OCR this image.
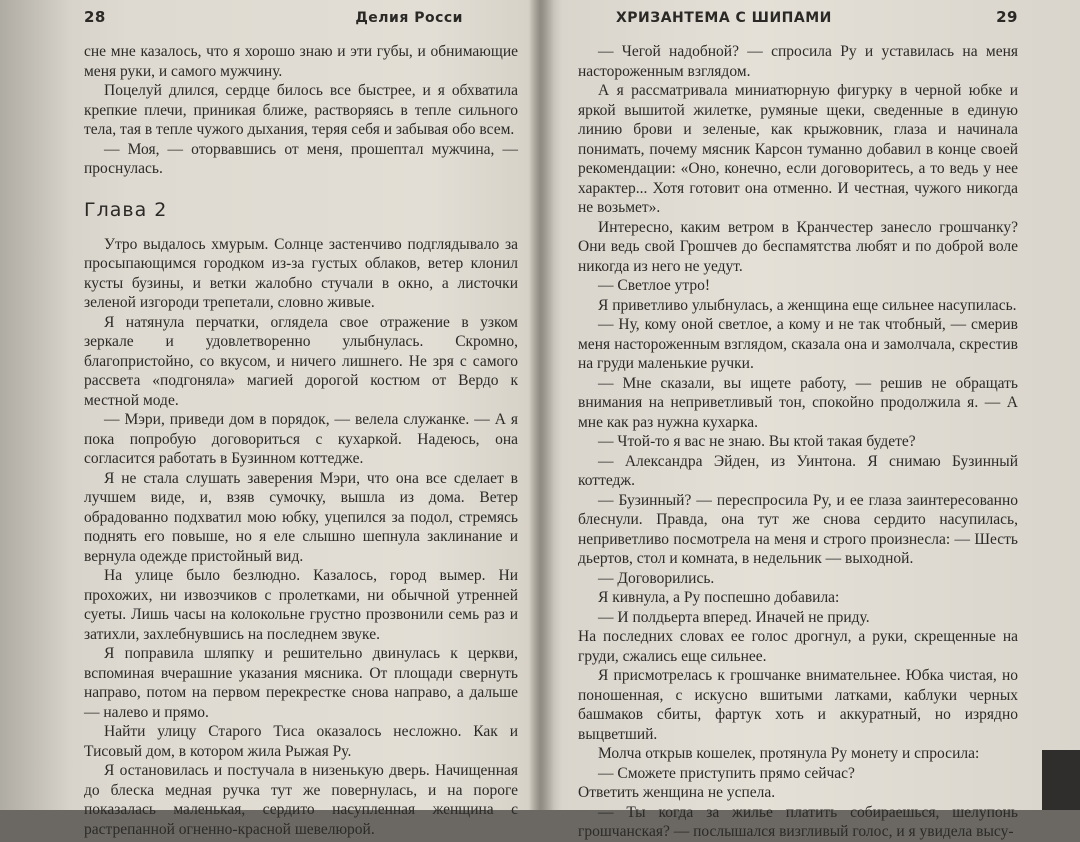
28	Делия Росси

сне мне казалось, что я хорошо знаю и эти губы, и обнимающие меня руки, и самого мужчину.

Поцелуй длился, сердце билось все быстрее, и я обхватила крепкие плечи, приникая ближе, растворяясь в тепле сильного тела, тая в тепле чужого дыхания, теряя себя и забывая обо всем.

— Моя, — оторвавшись от меня, прошептал мужчина, — проснулась.

Глава 2

Утро выдалось хмурым. Солнце застенчиво подглядывало за просыпающимся городком из-за густых облаков, ветер клонил кусты бузины, и ветки жалобно стучали в окно, а листочки зеленой изгороди трепетали, словно живые.

Я натянула перчатки, оглядела свое отражение в узком зеркале и удовлетворенно улыбнулась. Скромно, благопристойно, со вкусом, и ничего лишнего. Не зря с самого рассвета «подгоняла» магией дорогой костюм от Вердо к местной моде.

— Мэри, приведи дом в порядок, — велела служанке. — А я пока попробую договориться с кухаркой. Надеюсь, она согласится работать в Бузинном коттедже.

Я не стала слушать заверения Мэри, что она все сделает в лучшем виде, и, взяв сумочку, вышла из дома. Ветер обрадованно подхватил мою юбку, уцепился за подол, стремясь поднять его повыше, но я еле слышно шепнула заклинание и вернула одежде пристойный вид.

На улице было безлюдно. Казалось, город вымер. Ни прохожих, ни извозчиков с пролетками, ни обычной утренней суеты. Лишь часы на колокольне грустно прозвонили семь раз и затихли, захлебнувшись на последнем звуке.

Я поправила шляпку и решительно двинулась к церкви, вспоминая вчерашние указания мясника. От площади свернуть направо, потом на первом перекрестке снова направо, а дальше — налево и прямо.

Найти улицу Старого Тиса оказалось несложно. Как и Тисовый дом, в котором жила Рыжая Ру.

Я остановилась и постучала в низенькую дверь. Начищенная до блеска медная ручка тут же повернулась, и на пороге показалась маленькая, сердито насупленная женщина с растрепанной огненно-красной шевелюрой.

ХРИЗАНТЕМА С ШИПАМИ	29

— Чегой надобной? — спросила Ру и уставилась на меня настороженным взглядом.

А я рассматривала миниатюрную фигурку в черной юбке и яркой вышитой жилетке, румяные щеки, сведенные в единую линию брови и зеленые, как крыжовник, глаза и начинала понимать, почему мясник Карсон туманно добавил в конце своей рекомендации: «Оно, конечно, если договоритесь, а то ведь у нее характер... Хотя готовит она отменно. И честная, чужого никогда не возьмет».

Интересно, каким ветром в Кранчестер занесло грошчанку? Они ведь свой Грошчев до беспамятства любят и по доброй воле никогда из него не уедут.

— Светлое утро!

Я приветливо улыбнулась, а женщина еще сильнее насупилась.

— Ну, кому оной светлое, а кому и не так чтобный, — смерив меня настороженным взглядом, сказала она и замолчала, скрестив на груди маленькие ручки.

— Мне сказали, вы ищете работу, — решив не обращать внимания на неприветливый тон, спокойно продолжила я. — А мне как раз нужна кухарка.

— Чтой-то я вас не знаю. Вы ктой такая будете?

— Александра Эйден, из Уинтона. Я снимаю Бузинный коттедж.

— Бузинный? — переспросила Ру, и ее глаза заинтересованно блеснули. Правда, она тут же снова сердито насупилась, неприветливо посмотрела на меня и строго произнесла: — Шесть дьертов, стол и комната, в недельник — выходной.

— Договорились.

Я кивнула, а Ру поспешно добавила:

— И полдьерта вперед. Иначей не приду.

На последних словах ее голос дрогнул, а руки, скрещенные на груди, сжались еще сильнее.

Я присмотрелась к грошчанке внимательнее. Юбка чистая, но поношенная, с искусно вшитыми латками, каблуки черных башмаков сбиты, фартук хоть и аккуратный, но изрядно выцветший.

Молча открыв кошелек, протянула Ру монету и спросила:

— Сможете приступить прямо сейчас?

Ответить женщина не успела.

— Ты когда за жилье платить собираешься, шелупонь грошчанская? — послышался визгливый голос, и я увидела высу-
